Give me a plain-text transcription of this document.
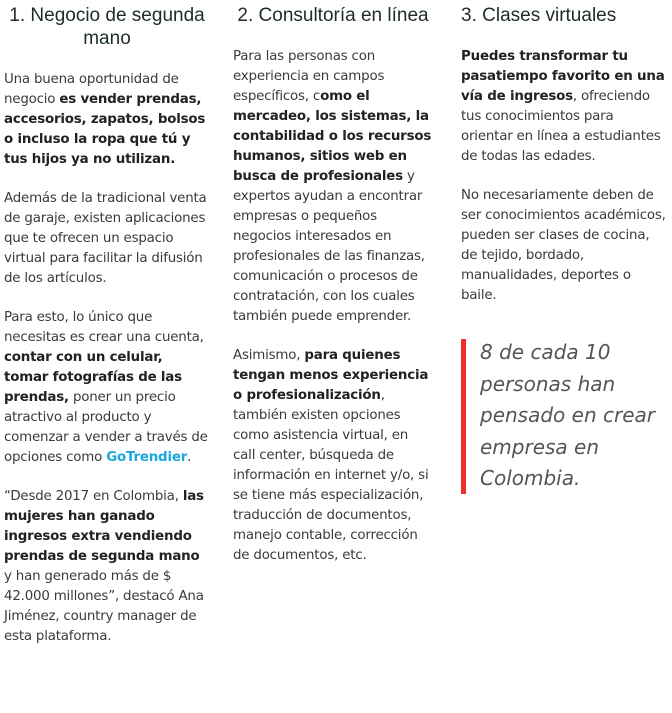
1. Negocio de segunda mano

Una buena oportunidad de negocio es vender prendas, accesorios, zapatos, bolsos o incluso la ropa que tú y tus hijos ya no utilizan.

Además de la tradicional venta de garaje, existen aplicaciones que te ofrecen un espacio virtual para facilitar la difusión de los artículos.

Para esto, lo único que necesitas es crear una cuenta, contar con un celular, tomar fotografías de las prendas, poner un precio atractivo al producto y comenzar a vender a través de opciones como GoTrendier.

“Desde 2017 en Colombia, las mujeres han ganado ingresos extra vendiendo prendas de segunda mano y han generado más de $ 42.000 millones”, destacó Ana Jiménez, country manager de esta plataforma.

2. Consultoría en línea

Para las personas con experiencia en campos específicos, como el mercadeo, los sistemas, la contabilidad o los recursos humanos, sitios web en busca de profesionales y expertos ayudan a encontrar empresas o pequeños negocios interesados en profesionales de las finanzas, comunicación o procesos de contratación, con los cuales también puede emprender.

Asimismo, para quienes tengan menos experiencia o profesionalización, también existen opciones como asistencia virtual, en call center, búsqueda de información en internet y/o, si se tiene más especialización, traducción de documentos, manejo contable, corrección de documentos, etc.

3. Clases virtuales

Puedes transformar tu pasatiempo favorito en una vía de ingresos, ofreciendo tus conocimientos para orientar en línea a estudiantes de todas las edades.

No necesariamente deben de ser conocimientos académicos, pueden ser clases de cocina, de tejido, bordado, manualidades, deportes o baile.

8 de cada 10 personas han pensado en crear empresa en Colombia.
